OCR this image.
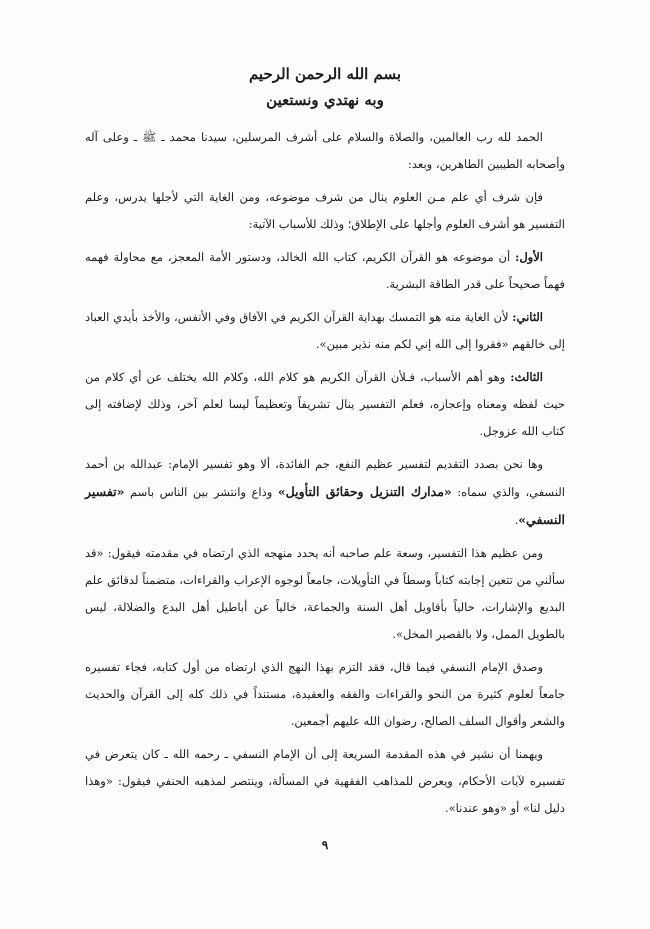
بسم الله الرحمن الرحيم

وبه نهتدي ونستعين

الحمد لله رب العالمين، والصلاة والسلام على أشرف المرسلين، سيدنا محمد ـ ﷺ ـ وعلى آله وأصحابه الطيبين الطاهرين، وبعد:

فإن شرف أي علم مـن العلوم ينال من شرف موضوعه، ومن الغاية التي لأجلها يدرس، وعلم التفسير هو أشرف العلوم وأجلها على الإطلاق؛ وذلك للأسباب الآتية:

الأول: أن موضوعه هو القرآن الكريم، كتاب الله الخالد، ودستور الأمة المعجز، مع محاولة فهمه فهماً صحيحاً على قدر الطاقة البشرية.

الثاني: لأن الغاية منه هو التمسك بهداية القرآن الكريم في الآفاق وفي الأنفس، والأخذ بأيدي العباد إلى خالقهم «فقروا إلى الله إني لكم منه نذير مبين».

الثالث: وهو أهم الأسباب، فـلأن القرآن الكريم هو كلام الله، وكلام الله يختلف عن أي كلام من حيث لفظه ومعناه وإعجازه، فعلم التفسير ينال تشريفاً وتعظيماً ليسا لعلم آخر، وذلك لإضافته إلى كتاب الله عزوجل.

وها نحن بصدد التقديم لتفسير عظيم النفع، جم الفائدة، ألا وهو تفسير الإمام: عبدالله بن أحمد النسفي، والذي سماه: «مدارك التنزيل وحقائق التأويل» وذاع وانتشر بين الناس باسم «تفسير النسفي».

ومن عظيم هذا التفسير، وسعة علم صاحبه أنه يحدد منهجه الذي ارتضاه في مقدمته فيقول: «قد سألني من تتعين إجابته كتاباً وسطاً في التأويلات، جامعاً لوجوه الإعراب والقراءات، متضمناً لدقائق علم البديع والإشارات، حالياً بأقاويل أهل السنة والجماعة، خالياً عن أباطيل أهل البدع والضلالة، ليس بالطويل الممل، ولا بالقصير المخل».

وصدق الإمام النسفي فيما قال، فقد التزم بهذا النهج الذي ارتضاه من أول كتابه، فجاء تفسيره جامعاً لعلوم كثيرة من النحو والقراءات والفقه والعقيدة، مستنداً في ذلك كله إلى القرآن والحديث والشعر وأقوال السلف الصالح، رضوان الله عليهم أجمعين.

ويهمنا أن نشير في هذه المقدمة السريعة إلى أن الإمام النسفي ـ رحمه الله ـ كان يتعرض في تفسيره لآيات الأحكام، ويعرض للمذاهب الفقهية في المسألة، وينتصر لمذهبه الحنفي فيقول: «وهذا دليل لنا» أو «وهو عندنا».

٩
